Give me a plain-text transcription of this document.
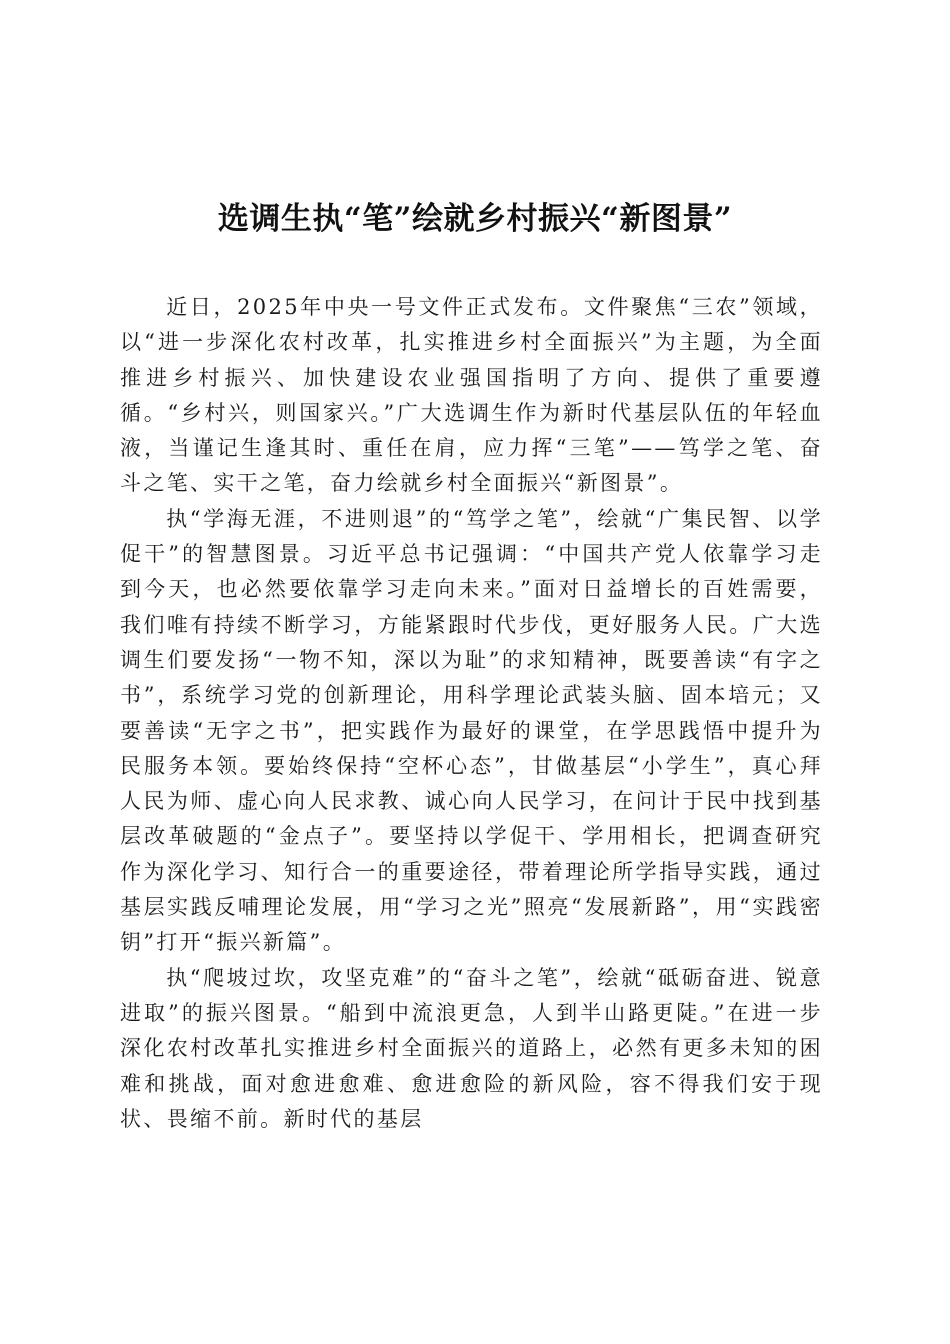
选调生执“笔”绘就乡村振兴“新图景”

近日，2025年中央一号文件正式发布。文件聚焦“三农”领域，以“进一步深化农村改革，扎实推进乡村全面振兴”为主题，为全面推进乡村振兴、加快建设农业强国指明了方向、提供了重要遵循。“乡村兴，则国家兴。”广大选调生作为新时代基层队伍的年轻血液，当谨记生逢其时、重任在肩，应力挥“三笔”——笃学之笔、奋斗之笔、实干之笔，奋力绘就乡村全面振兴“新图景”。

执“学海无涯，不进则退”的“笃学之笔”，绘就“广集民智、以学促干”的智慧图景。习近平总书记强调：“中国共产党人依靠学习走到今天，也必然要依靠学习走向未来。”面对日益增长的百姓需要，我们唯有持续不断学习，方能紧跟时代步伐，更好服务人民。广大选调生们要发扬“一物不知，深以为耻”的求知精神，既要善读“有字之书”，系统学习党的创新理论，用科学理论武装头脑、固本培元；又要善读“无字之书”，把实践作为最好的课堂，在学思践悟中提升为民服务本领。要始终保持“空杯心态”，甘做基层“小学生”，真心拜人民为师、虚心向人民求教、诚心向人民学习，在问计于民中找到基层改革破题的“金点子”。要坚持以学促干、学用相长，把调查研究作为深化学习、知行合一的重要途径，带着理论所学指导实践，通过基层实践反哺理论发展，用“学习之光”照亮“发展新路”，用“实践密钥”打开“振兴新篇”。

执“爬坡过坎，攻坚克难”的“奋斗之笔”，绘就“砥砺奋进、锐意进取”的振兴图景。“船到中流浪更急，人到半山路更陡。”在进一步深化农村改革扎实推进乡村全面振兴的道路上，必然有更多未知的困难和挑战，面对愈进愈难、愈进愈险的新风险，容不得我们安于现状、畏缩不前。新时代的基层
